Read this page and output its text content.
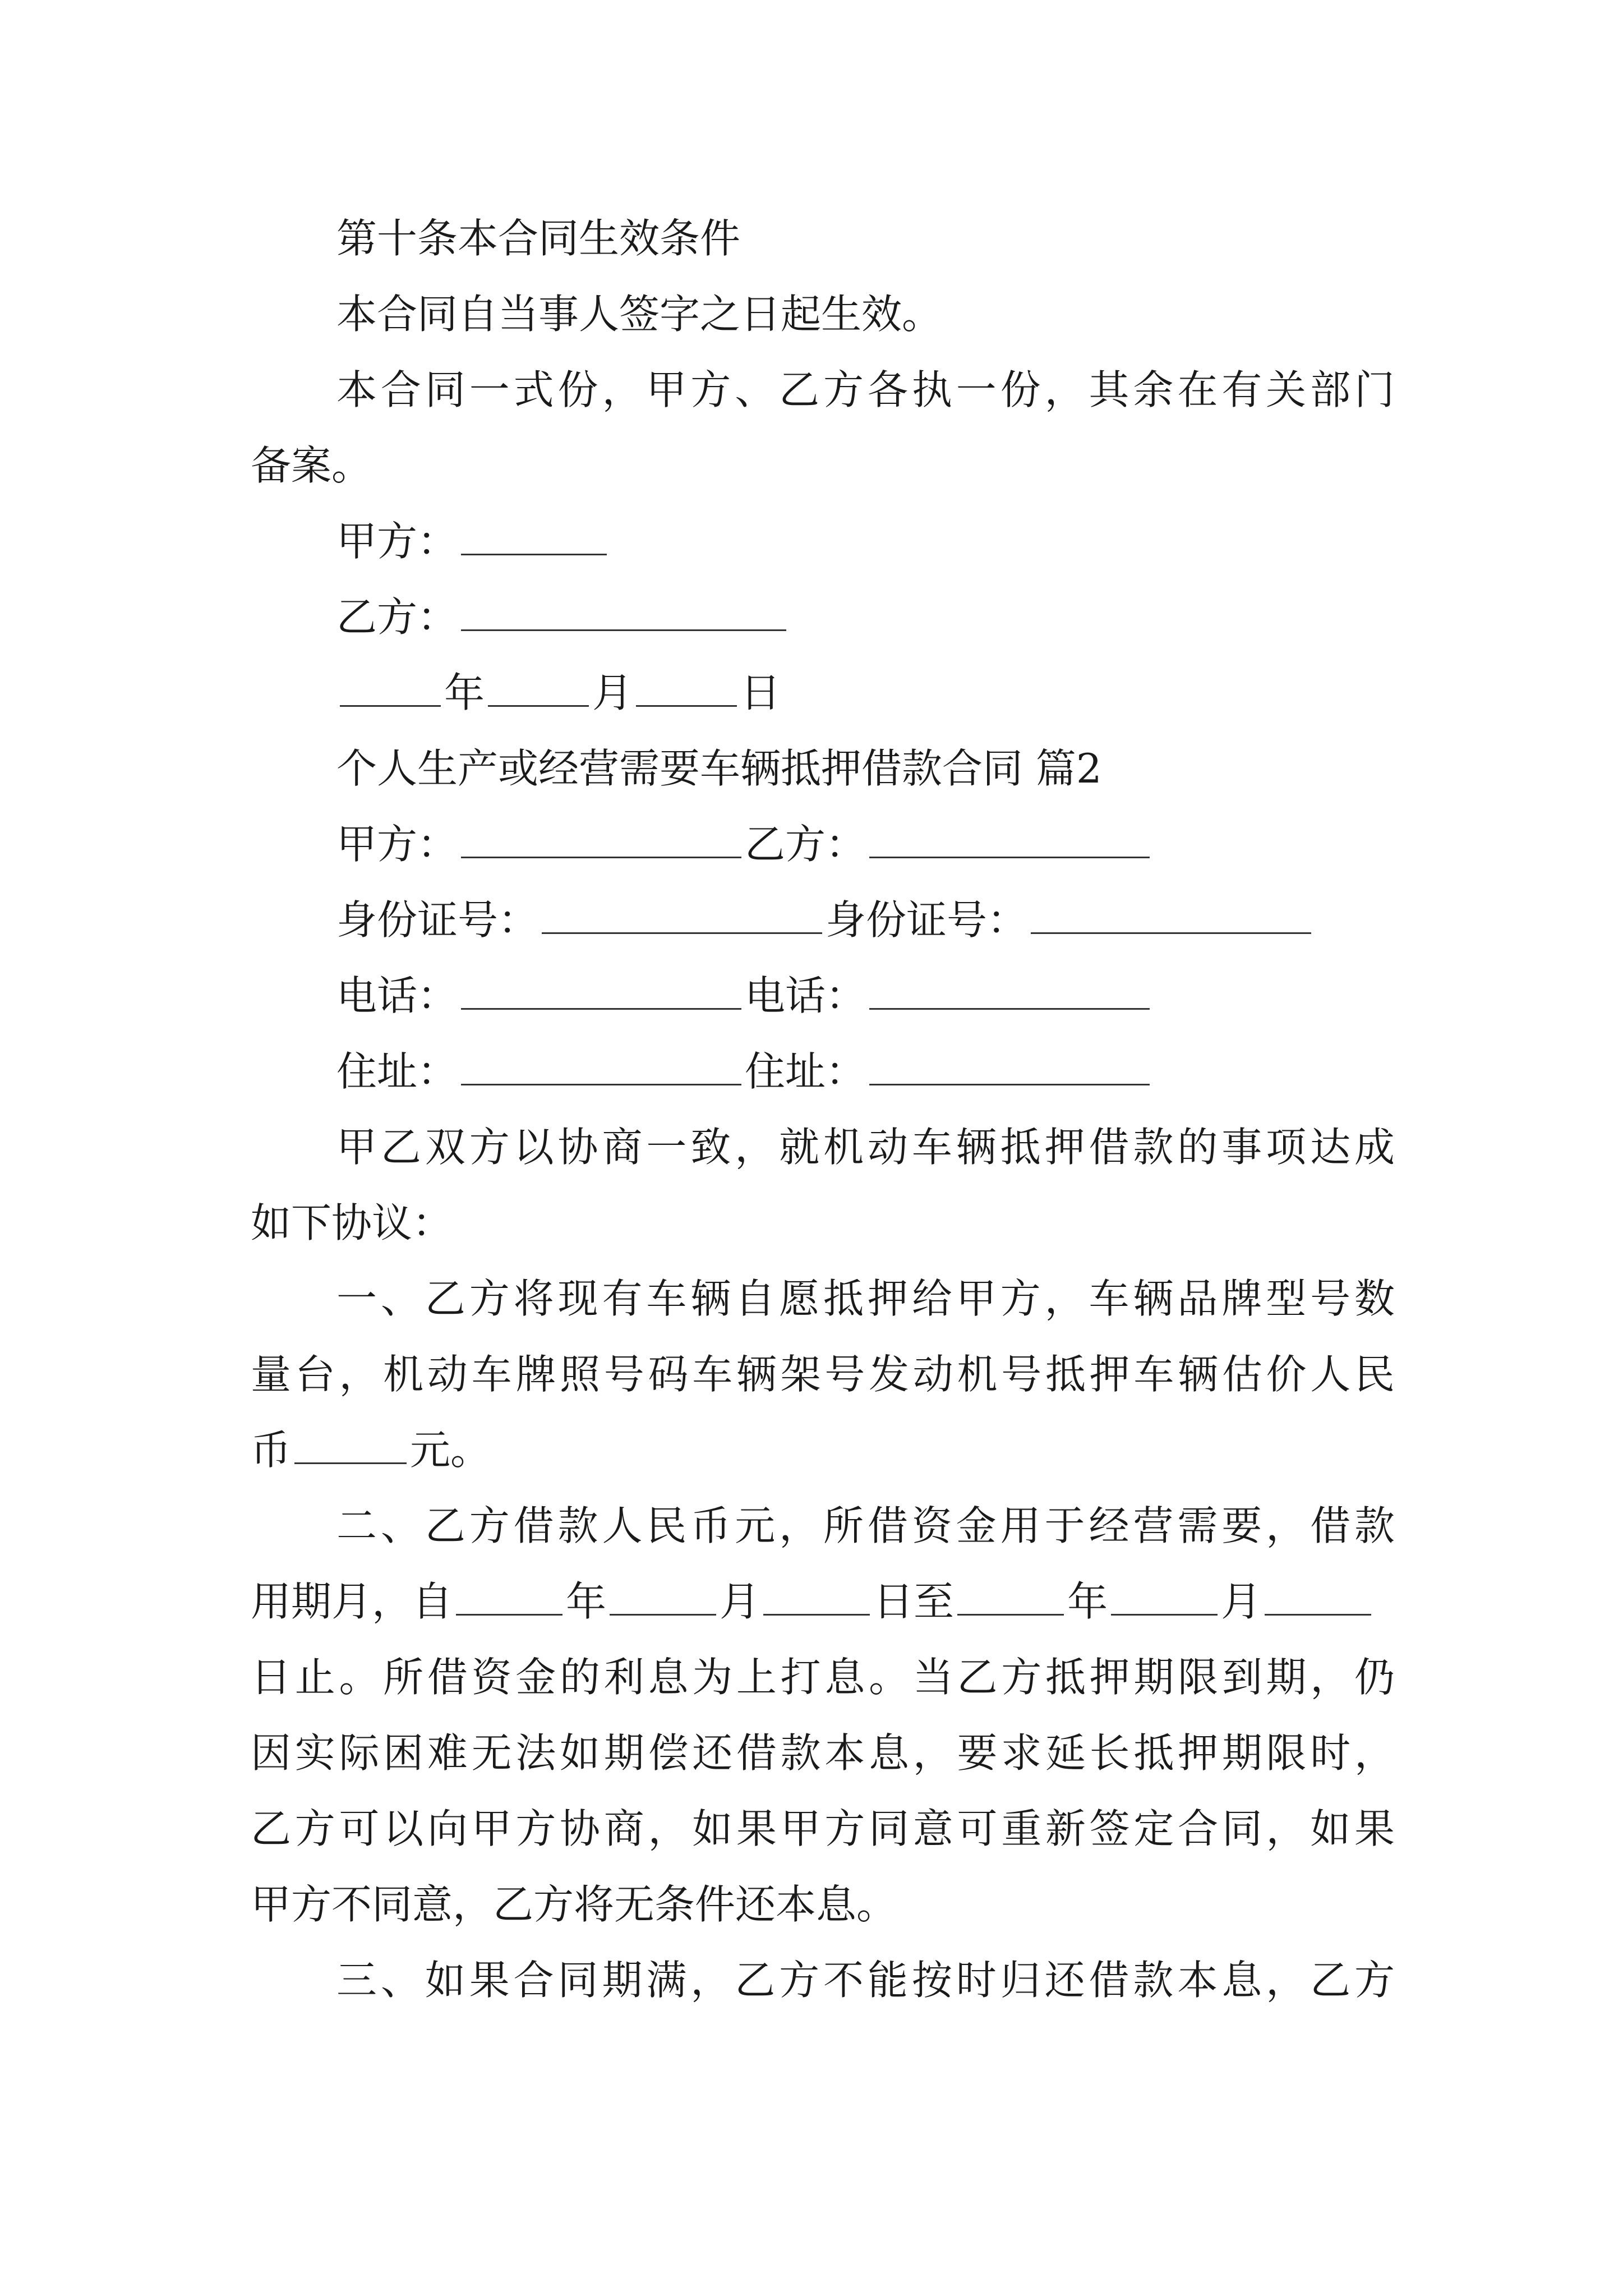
第十条本合同生效条件
本合同自当事人签字之日起生效。
本合同一式份，甲方、乙方各执一份，其余在有关部门
备案。
甲方：
乙方：
年	月	日
个人生产或经营需要车辆抵押借款合同 篇2
甲方：	乙方：
身份证号：	身份证号：
电话：	电话：
住址：	住址：
甲乙双方以协商一致，就机动车辆抵押借款的事项达成
如下协议：
一、乙方将现有车辆自愿抵押给甲方，车辆品牌型号数
量台，机动车牌照号码车辆架号发动机号抵押车辆估价人民
币	元。
二、乙方借款人民币元，所借资金用于经营需要，借款
用期月，自	年	月	日至	年	月
日止。所借资金的利息为上打息。当乙方抵押期限到期，仍
因实际困难无法如期偿还借款本息，要求延长抵押期限时，
乙方可以向甲方协商，如果甲方同意可重新签定合同，如果
甲方不同意，乙方将无条件还本息。
三、如果合同期满，乙方不能按时归还借款本息，乙方
